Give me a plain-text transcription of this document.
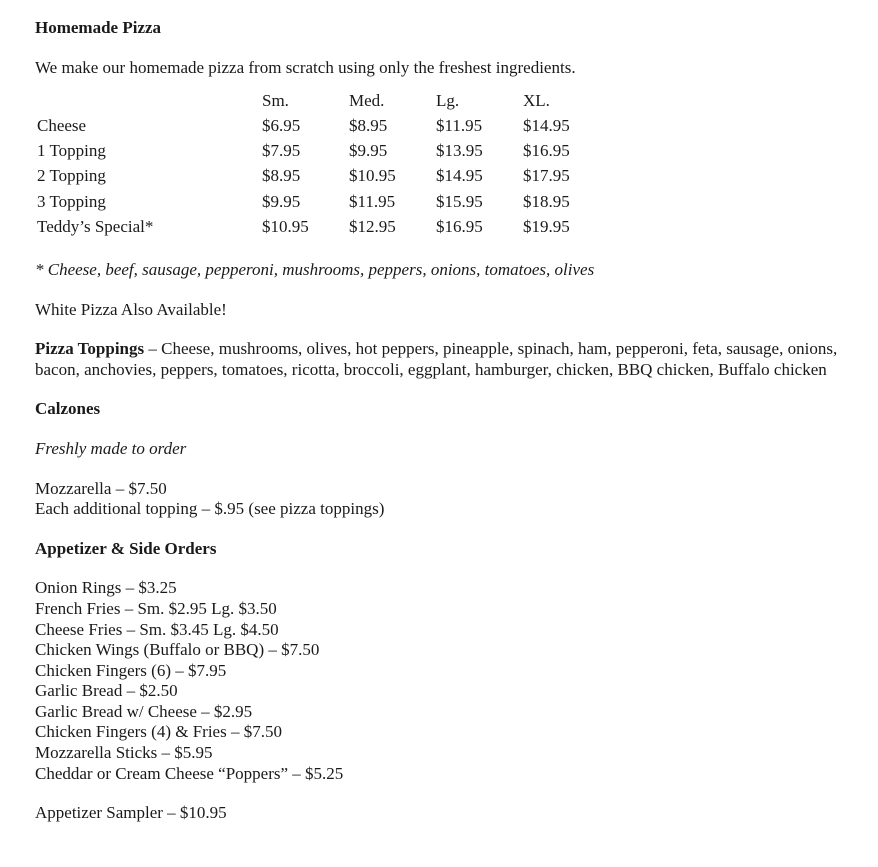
Homemade Pizza

We make our homemade pizza from scratch using only the freshest ingredients.

	Sm.	Med.	Lg.	XL.
Cheese	$6.95	$8.95	$11.95	$14.95
1 Topping	$7.95	$9.95	$13.95	$16.95
2 Topping	$8.95	$10.95	$14.95	$17.95
3 Topping	$9.95	$11.95	$15.95	$18.95
Teddy’s Special*	$10.95	$12.95	$16.95	$19.95

* Cheese, beef, sausage, pepperoni, mushrooms, peppers, onions, tomatoes, olives

White Pizza Also Available!

Pizza Toppings – Cheese, mushrooms, olives, hot peppers, pineapple, spinach, ham, pepperoni, feta, sausage, onions, bacon, anchovies, peppers, tomatoes, ricotta, broccoli, eggplant, hamburger, chicken, BBQ chicken, Buffalo chicken

Calzones

Freshly made to order

Mozzarella – $7.50

Each additional topping – $.95 (see pizza toppings)

Appetizer & Side Orders

Onion Rings – $3.25

French Fries – Sm. $2.95 Lg. $3.50

Cheese Fries – Sm. $3.45 Lg. $4.50

Chicken Wings (Buffalo or BBQ) – $7.50

Chicken Fingers (6) – $7.95

Garlic Bread – $2.50

Garlic Bread w/ Cheese – $2.95

Chicken Fingers (4) & Fries – $7.50

Mozzarella Sticks – $5.95

Cheddar or Cream Cheese “Poppers” – $5.25

Appetizer Sampler – $10.95
